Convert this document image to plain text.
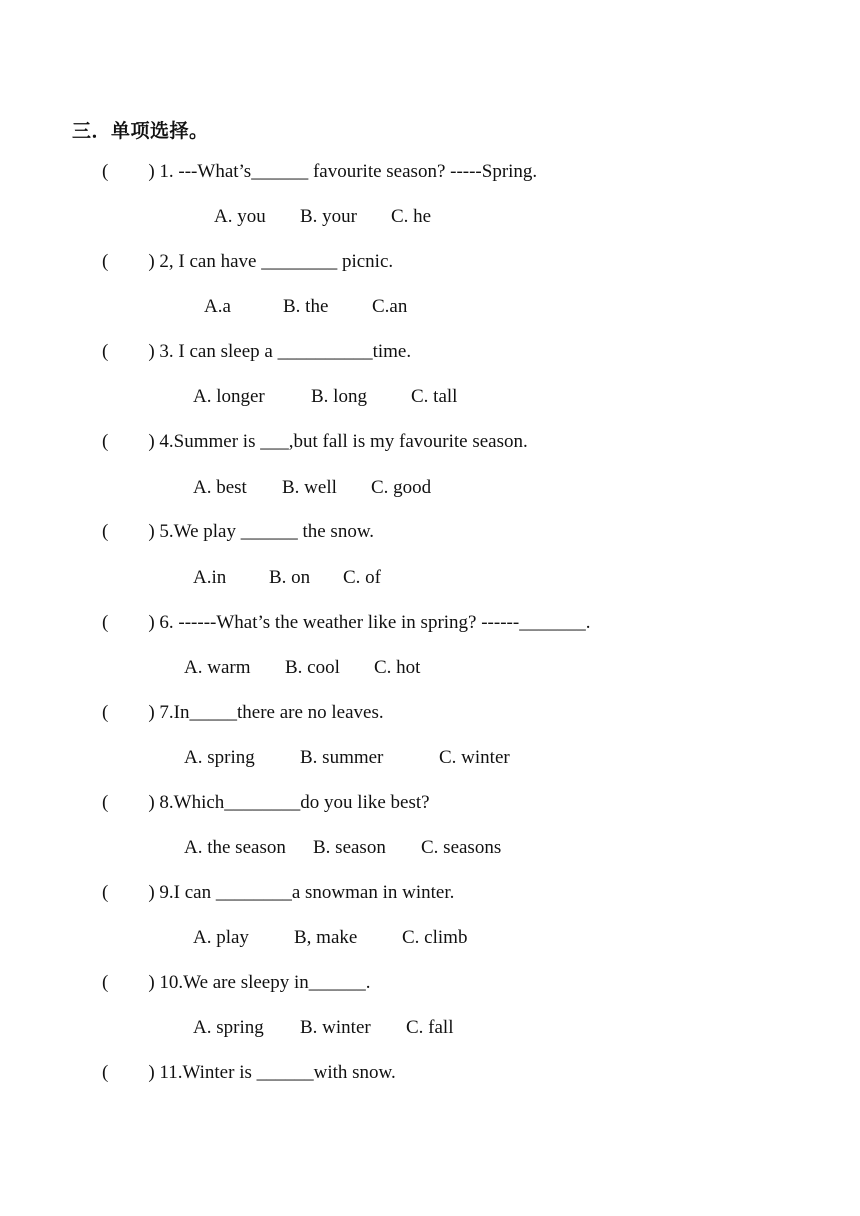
三．单项选择。
( ) 1. ---What’s______ favourite season? -----Spring.

A. you

B. your

C. he

( ) 2, I can have ________ picnic.

A.a

	B. the

C.an

( ) 3. I can sleep a __________time.

A. longer

B. long

C. tall

( ) 4.Summer is ___,but fall is my favourite season.

A. best

B. well

C. good

( ) 5.We play ______ the snow.

A.in

B. on

C. of

( ) 6. ------What’s the weather like in spring? ------_______.

A. warm

B. cool

C. hot

( ) 7.In_____there are no leaves.

A. spring

B. summer

	C. winter

( ) 8.Which________do you like best?

A. the season

B. season

C. seasons

( ) 9.I can ________a snowman in winter.

A. play

B, make

C. climb

( ) 10.We are sleepy in______.

A. spring

B. winter

C. fall

( ) 11.Winter is ______with snow.
